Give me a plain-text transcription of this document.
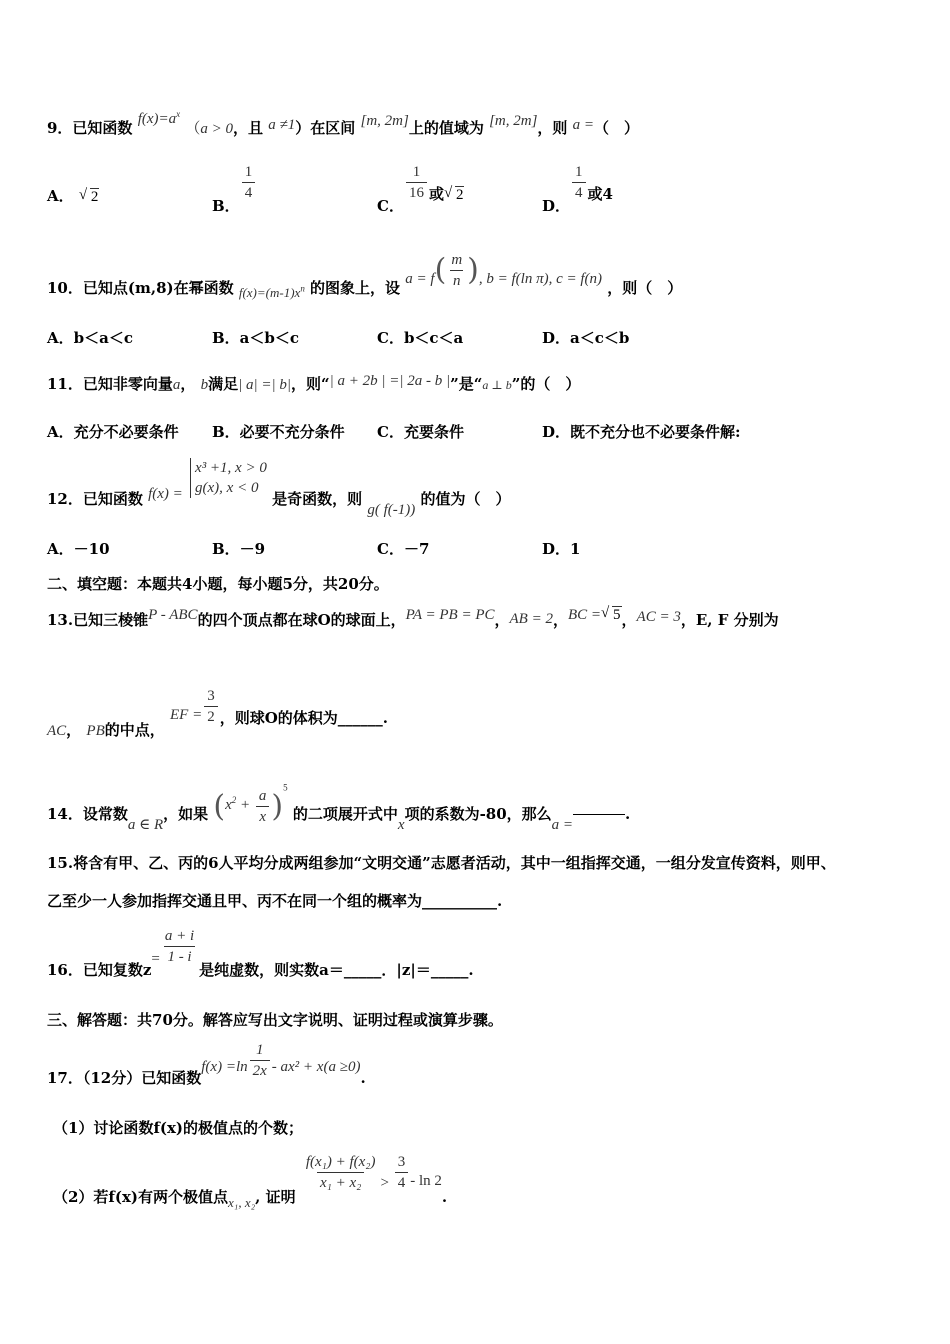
9．已知函数 $f(x)=a^x$ （a > 0，且 a ≠1）在区间 [m, 2m]上的值域为 [m, 2m]，则 a =（　）
A． √ 2	B．
$\frac{1}{4}$
C．
$\frac{1}{16}$ 或 √ 2
D．
$\frac{1}{4}$ 或4
10．已知点(m,8)在幂函数 $f(x)=(m-1)x^n$ 的图象上，设 $a = f( \frac{m}{n}$ ), b = f(ln π), c = f(n) ，则（　）
A．b＜a＜c	B．a＜b＜c	C．b＜c＜a	D．a＜c＜b
11．已知非零向量a， b满足| a| =| b|，则“| a + 2b | =| 2a - b |”是“a ⊥ b”的（　）
A．充分不必要条件 B．必要不充分条件 C．充要条件	D．既不充分也不必要条件解:
12．已知函数 f(x) =
x³ +1, x > 0
g(x), x < 0
是奇函数，则 g( f(-1)) 的值为（　）
A．－10	B．－9	C．－7	D．1
二、填空题：本题共4小题，每小题5分，共20分。
13.已知三棱锥P - ABC的四个顶点都在球O的球面上，PA = PB = PC，AB = 2，BC = √ 5，AC = 3，E, F 分别为
AC， PB的中点， EF = $\frac{3}{2}$ ，则球O的体积为______.
14．设常数a ∈ R，如果 $(x^2 + \frac{a}{x} )^5$ 的二项展开式中x项的系数为-80，那么a =.
15.将含有甲、乙、丙的6人平均分成两组参加“文明交通”志愿者活动，其中一组指挥交通，一组分发宣传资料，则甲、
乙至少一人参加指挥交通且甲、丙不在同一个组的概率为__________.
16．已知复数$z= \frac{a + i}{1 - i}$
是纯虚数，则实数a＝_____．|z|＝_____.
三、解答题：共70分。解答应写出文字说明、证明过程或演算步骤。
17．（12分）已知函数$f(x) =\ln \frac{1}{2x} - ax^2 + x(a \ge 0)$.
（1）讨论函数f(x)的极值点的个数；
（2）若f(x)有两个极值点x₁, x₂, 证明
$\frac{\text{f(x₁) + f(x₂)}}{\text{x₁ + x₂}} > \frac{3}{4} - \ln 2$.
